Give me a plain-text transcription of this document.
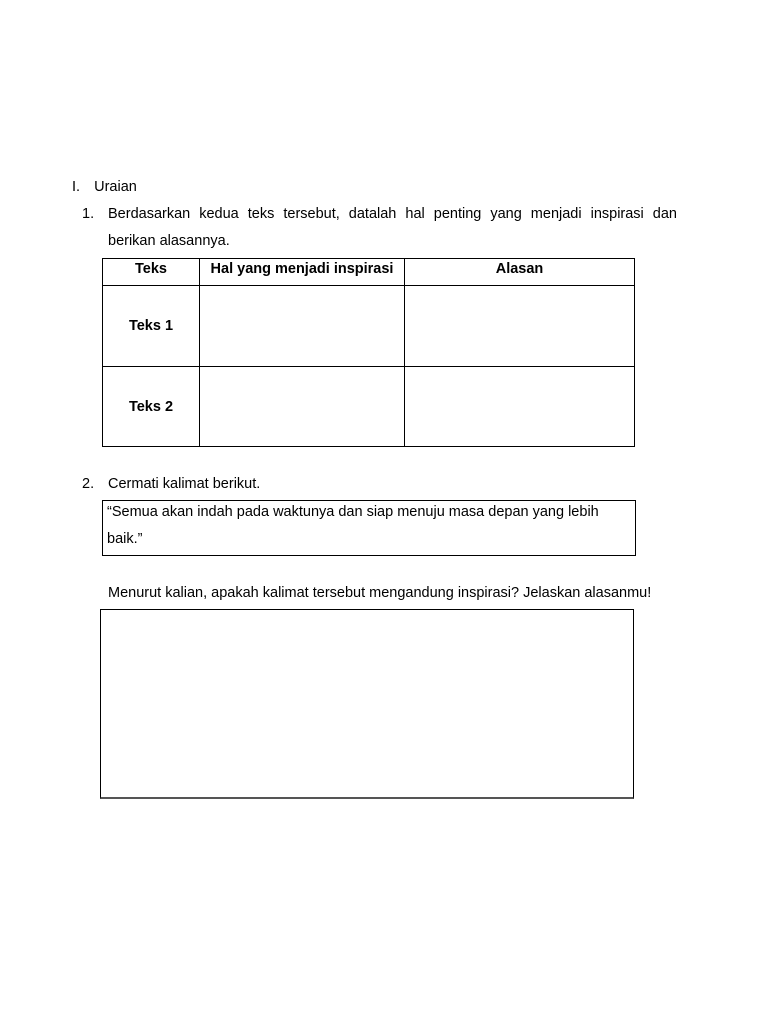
I. Uraian
1. Berdasarkan kedua teks tersebut, datalah hal penting yang menjadi inspirasi dan
berikan alasannya.
Teks	Hal yang menjadi inspirasi	Alasan
Teks 1		
Teks 2		
2. Cermati kalimat berikut.
“Semua akan indah pada waktunya dan siap menuju masa depan yang lebih
baik.”
Menurut kalian, apakah kalimat tersebut mengandung inspirasi? Jelaskan alasanmu!
